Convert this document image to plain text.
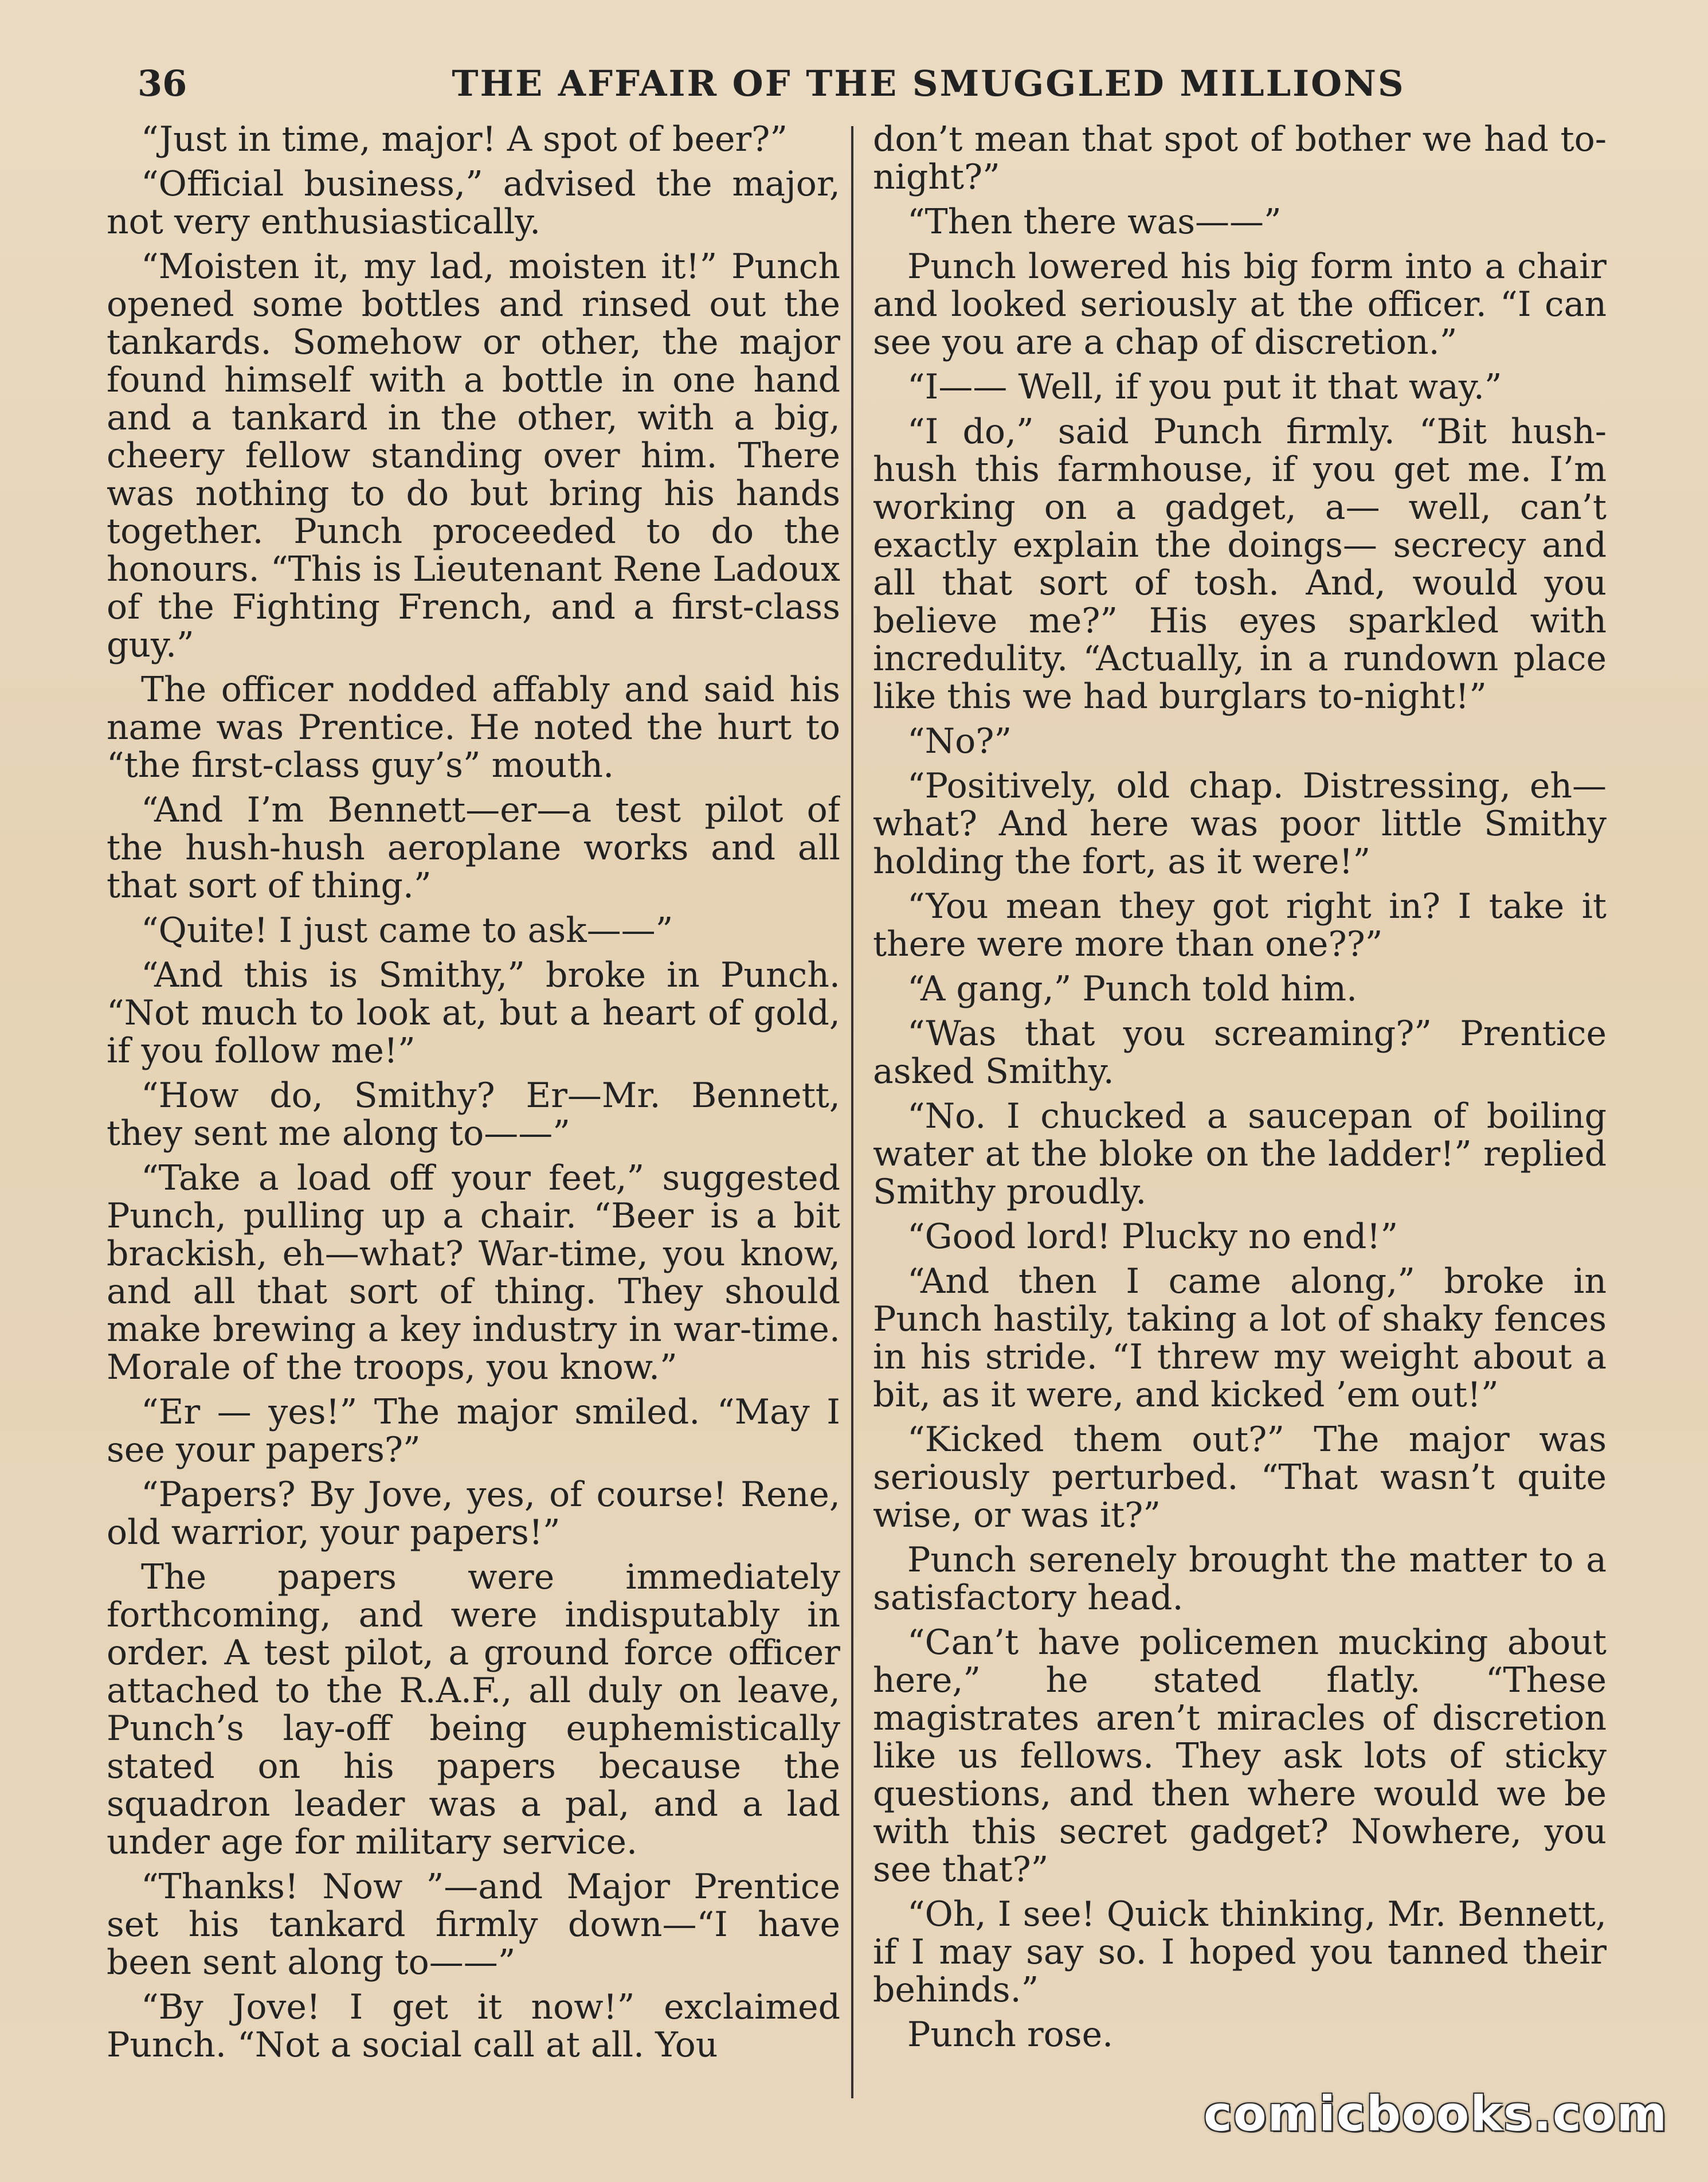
36	THE AFFAIR OF THE SMUGGLED MILLIONS

“Just in time, major! A spot of beer?”

“Official business,” advised the major, not very enthusiastically.

“Moisten it, my lad, moisten it!” Punch opened some bottles and rinsed out the tankards. Somehow or other, the major found himself with a bottle in one hand and a tankard in the other, with a big, cheery fellow standing over him. There was nothing to do but bring his hands together. Punch proceeded to do the honours. “This is Lieutenant Rene Ladoux of the Fighting French, and a first-class guy.”

The officer nodded affably and said his name was Prentice. He noted the hurt to “the first-class guy’s” mouth.

“And I’m Bennett—er—a test pilot of the hush-hush aeroplane works and all that sort of thing.”

“Quite! I just came to ask——”

“And this is Smithy,” broke in Punch. “Not much to look at, but a heart of gold, if you follow me!”

“How do, Smithy? Er—Mr. Bennett, they sent me along to——”

“Take a load off your feet,” suggested Punch, pulling up a chair. “Beer is a bit brackish, eh—what? War-time, you know, and all that sort of thing. They should make brewing a key industry in war-time. Morale of the troops, you know.”

“Er — yes!” The major smiled. “May I see your papers?”

“Papers? By Jove, yes, of course! Rene, old warrior, your papers!”

The papers were immediately forthcoming, and were indisputably in order. A test pilot, a ground force officer attached to the R.A.F., all duly on leave, Punch’s lay-off being euphemistically stated on his papers because the squadron leader was a pal, and a lad under age for military service.

“Thanks! Now ”—and Major Prentice set his tankard firmly down—“I have been sent along to——”

“By Jove! I get it now!” exclaimed Punch. “Not a social call at all. You

don’t mean that spot of bother we had to-night?”

“Then there was——”

Punch lowered his big form into a chair and looked seriously at the officer. “I can see you are a chap of discretion.”

“I—— Well, if you put it that way.”

“I do,” said Punch firmly. “Bit hush-hush this farmhouse, if you get me. I’m working on a gadget, a— well, can’t exactly explain the doings— secrecy and all that sort of tosh. And, would you believe me?” His eyes sparkled with incredulity. “Actually, in a rundown place like this we had burglars to-night!”

“No?”

“Positively, old chap. Distressing, eh—what? And here was poor little Smithy holding the fort, as it were!”

“You mean they got right in? I take it there were more than one??”

“A gang,” Punch told him.

“Was that you screaming?” Prentice asked Smithy.

“No. I chucked a saucepan of boiling water at the bloke on the ladder!” replied Smithy proudly.

“Good lord! Plucky no end!”

“And then I came along,” broke in Punch hastily, taking a lot of shaky fences in his stride. “I threw my weight about a bit, as it were, and kicked ’em out!”

“Kicked them out?” The major was seriously perturbed. “That wasn’t quite wise, or was it?”

Punch serenely brought the matter to a satisfactory head.

“Can’t have policemen mucking about here,” he stated flatly. “These magistrates aren’t miracles of discretion like us fellows. They ask lots of sticky questions, and then where would we be with this secret gadget? Nowhere, you see that?”

“Oh, I see! Quick thinking, Mr. Bennett, if I may say so. I hoped you tanned their behinds.”

Punch rose.

comicbooks.com
